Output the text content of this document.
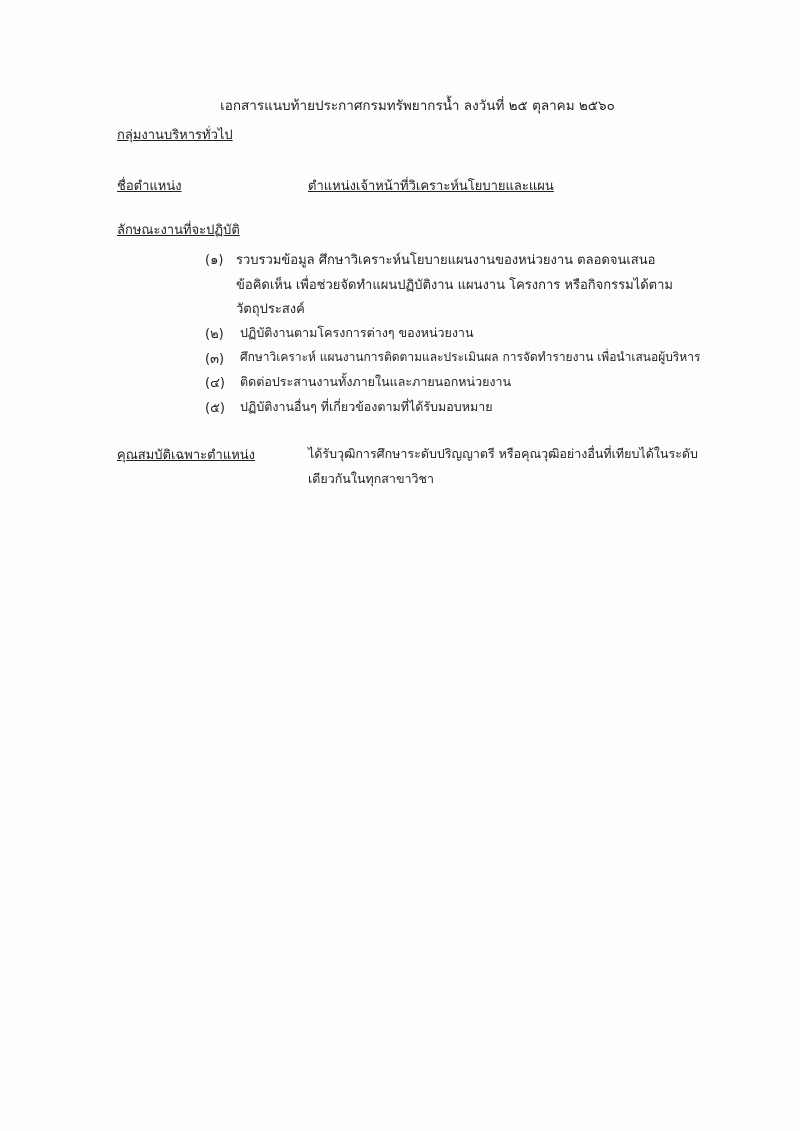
เอกสารแนบท้ายประกาศกรมทรัพยากรน้ำ ลงวันที่ ๒๕ ตุลาคม ๒๕๖๐
กลุ่มงานบริหารทั่วไป
ชื่อตำแหน่ง	ตำแหน่งเจ้าหน้าที่วิเคราะห์นโยบายและแผน
ลักษณะงานที่จะปฏิบัติ
(๑) รวบรวมข้อมูล ศึกษาวิเคราะห์นโยบายแผนงานของหน่วยงาน ตลอดจนเสนอ
ข้อคิดเห็น เพื่อช่วยจัดทำแผนปฏิบัติงาน แผนงาน โครงการ หรือกิจกรรมได้ตาม
วัตถุประสงค์
(๒) ปฏิบัติงานตามโครงการต่างๆ ของหน่วยงาน
(๓) ศึกษาวิเคราะห์ แผนงานการติดตามและประเมินผล การจัดทำรายงาน เพื่อนำเสนอผู้บริหาร
(๔) ติดต่อประสานงานทั้งภายในและภายนอกหน่วยงาน
(๕) ปฏิบัติงานอื่นๆ ที่เกี่ยวข้องตามที่ได้รับมอบหมาย
คุณสมบัติเฉพาะตำแหน่ง	ได้รับวุฒิการศึกษาระดับปริญญาตรี หรือคุณวุฒิอย่างอื่นที่เทียบได้ในระดับ
เดียวกันในทุกสาขาวิชา
